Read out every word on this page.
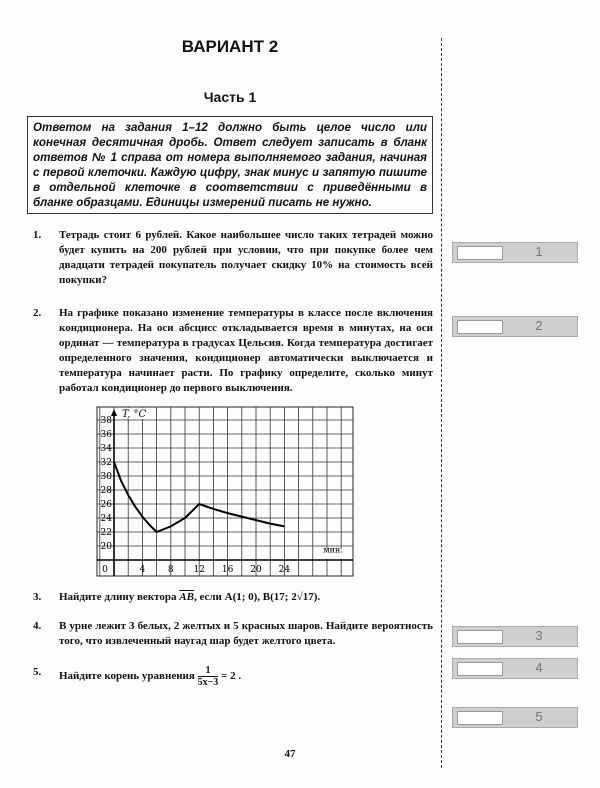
ВАРИАНТ 2
Часть 1
Ответом на задания 1–12 должно быть целое число или конечная десятичная дробь. Ответ следует записать в бланк ответов № 1 справа от номера выполняемого задания, начиная с первой клеточки. Каждую цифру, знак минус и запятую пишите в отдельной клеточке в соответствии с приведёнными в бланке образцами. Единицы измерений писать не нужно.
1. Тетрадь стоит 6 рублей. Какое наибольшее число таких тетрадей можно будет купить на 200 рублей при условии, что при покупке более чем двадцати тетрадей покупатель получает скидку 10% на стоимость всей покупки?
2. На графике показано изменение температуры в классе после включения кондиционера. На оси абсцисс откладывается время в минутах, на оси ординат — температура в градусах Цельсия. Когда температура достигает определенного значения, кондиционер автоматически выключается и температура начинает расти. По графику определите, сколько минут работал кондиционер до первого выключения.
T, °C
мин.
0	4	8 12 16 20 24
20
22
24
26
28
30
32
34
36
38
3. Найдите длину вектора $\overline{AB}$, если A(1; 0), B(17; 2√17).
4. В урне лежит 3 белых, 2 желтых и 5 красных шаров. Найдите вероятность того, что извлеченный наугад шар будет желтого цвета.
5. Найдите корень уравнения $\frac{1}{5x-3} = 2$ .
1
2
3
4
5
47
